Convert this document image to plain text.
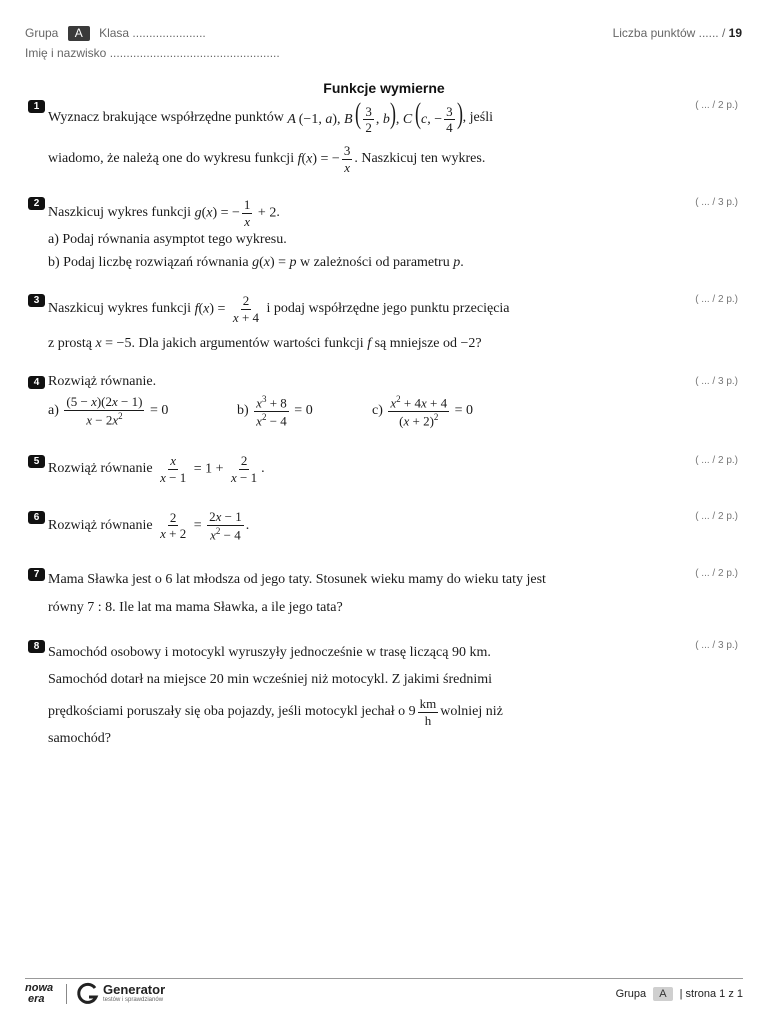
Grupa A Klasa ......................
Imię i nazwisko ...................................................
Liczba punktów ...... / 19
Funkcje wymierne
1	( ... / 2 p.)
Wyznacz brakujące współrzędne punktów A (−1, a), B ( $\frac{3}{2}$ , b), C (c, − $\frac{3}{4}$ ) , jeśli
wiadomo, że należą one do wykresu funkcji f(x) = − $\frac{3}{x}$ . Naszkicuj ten wykres.
2	( ... / 3 p.)
Naszkicuj wykres funkcji g(x) = − $\frac{1}{x} + 2$ .
a) Podaj równania asymptot tego wykresu.
b) Podaj liczbę rozwiązań równania g(x) = p w zależności od parametru p .
3	( ... / 2 p.)
Naszkicuj wykres funkcji $f(x) = \frac{2}{x + 4}$
i podaj współrzędne jego punktu przecięcia
z prostą x = −5 . Dla jakich argumentów wartości funkcji f są mniejsze od −2 ?
4	( ... / 3 p.)
Rozwiąż równanie.
a)
$\frac{(5 - x)(2x - 1)}{x - 2x^2} = 0$	b)
$\frac{x^3 + 8}{x^2 - 4} = 0$	c)
$\frac{x^2 + 4x + 4}{(x + 2)^2} = 0$
5	( ... / 2 p.)
Rozwiąż równanie
$\frac{x}{x - 1} = 1 + \frac{2}{x - 1}$ .
6	( ... / 2 p.)
Rozwiąż równanie
$\frac{2}{x + 2} = \frac{2x - 1}{x^2 - 4}$ .
7	( ... / 2 p.)
Mama Sławka jest o 6 lat młodsza od jego taty. Stosunek wieku mamy do wieku taty jest
równy 7 : 8. Ile lat ma mama Sławka, a ile jego tata?
8	( ... / 3 p.)
Samochód osobowy i motocykl wyruszyły jednocześnie w trasę liczącą 90 km.
Samochód dotarł na miejsce 20 min wcześniej niż motocykl. Z jakimi średnimi
prędkościami poruszały się oba pojazdy, jeśli motocykl jechał o $9 \frac{km}{h}$ wolniej niż
samochód?
nowa
era
Generator
testów i sprawdzianów	Grupa A | strona 1 z 1
